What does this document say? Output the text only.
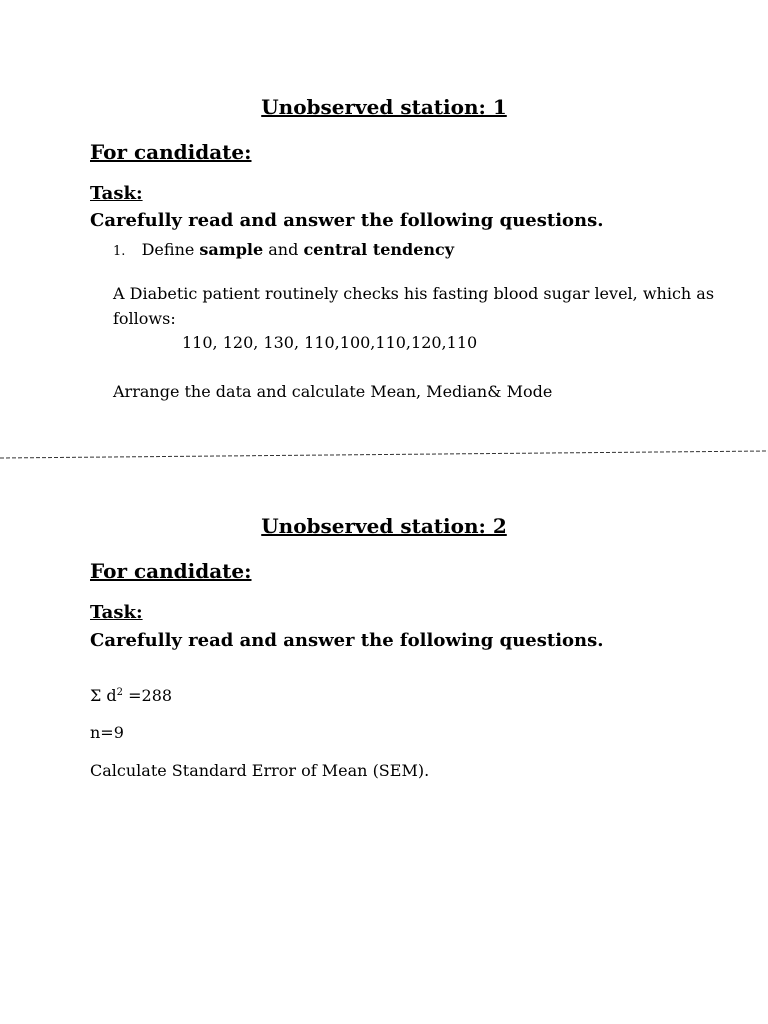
Unobserved station: 1
For candidate:
Task:
Carefully read and answer the following questions.
1. Define sample and central tendency
A Diabetic patient routinely checks his fasting blood sugar level, which as
follows:
110, 120, 130, 110,100,110,120,110
Arrange the data and calculate Mean, Median& Mode
Unobserved station: 2
For candidate:
Task:
Carefully read and answer the following questions.
Σ $d^2 =288$
n=9
Calculate Standard Error of Mean (SEM).
